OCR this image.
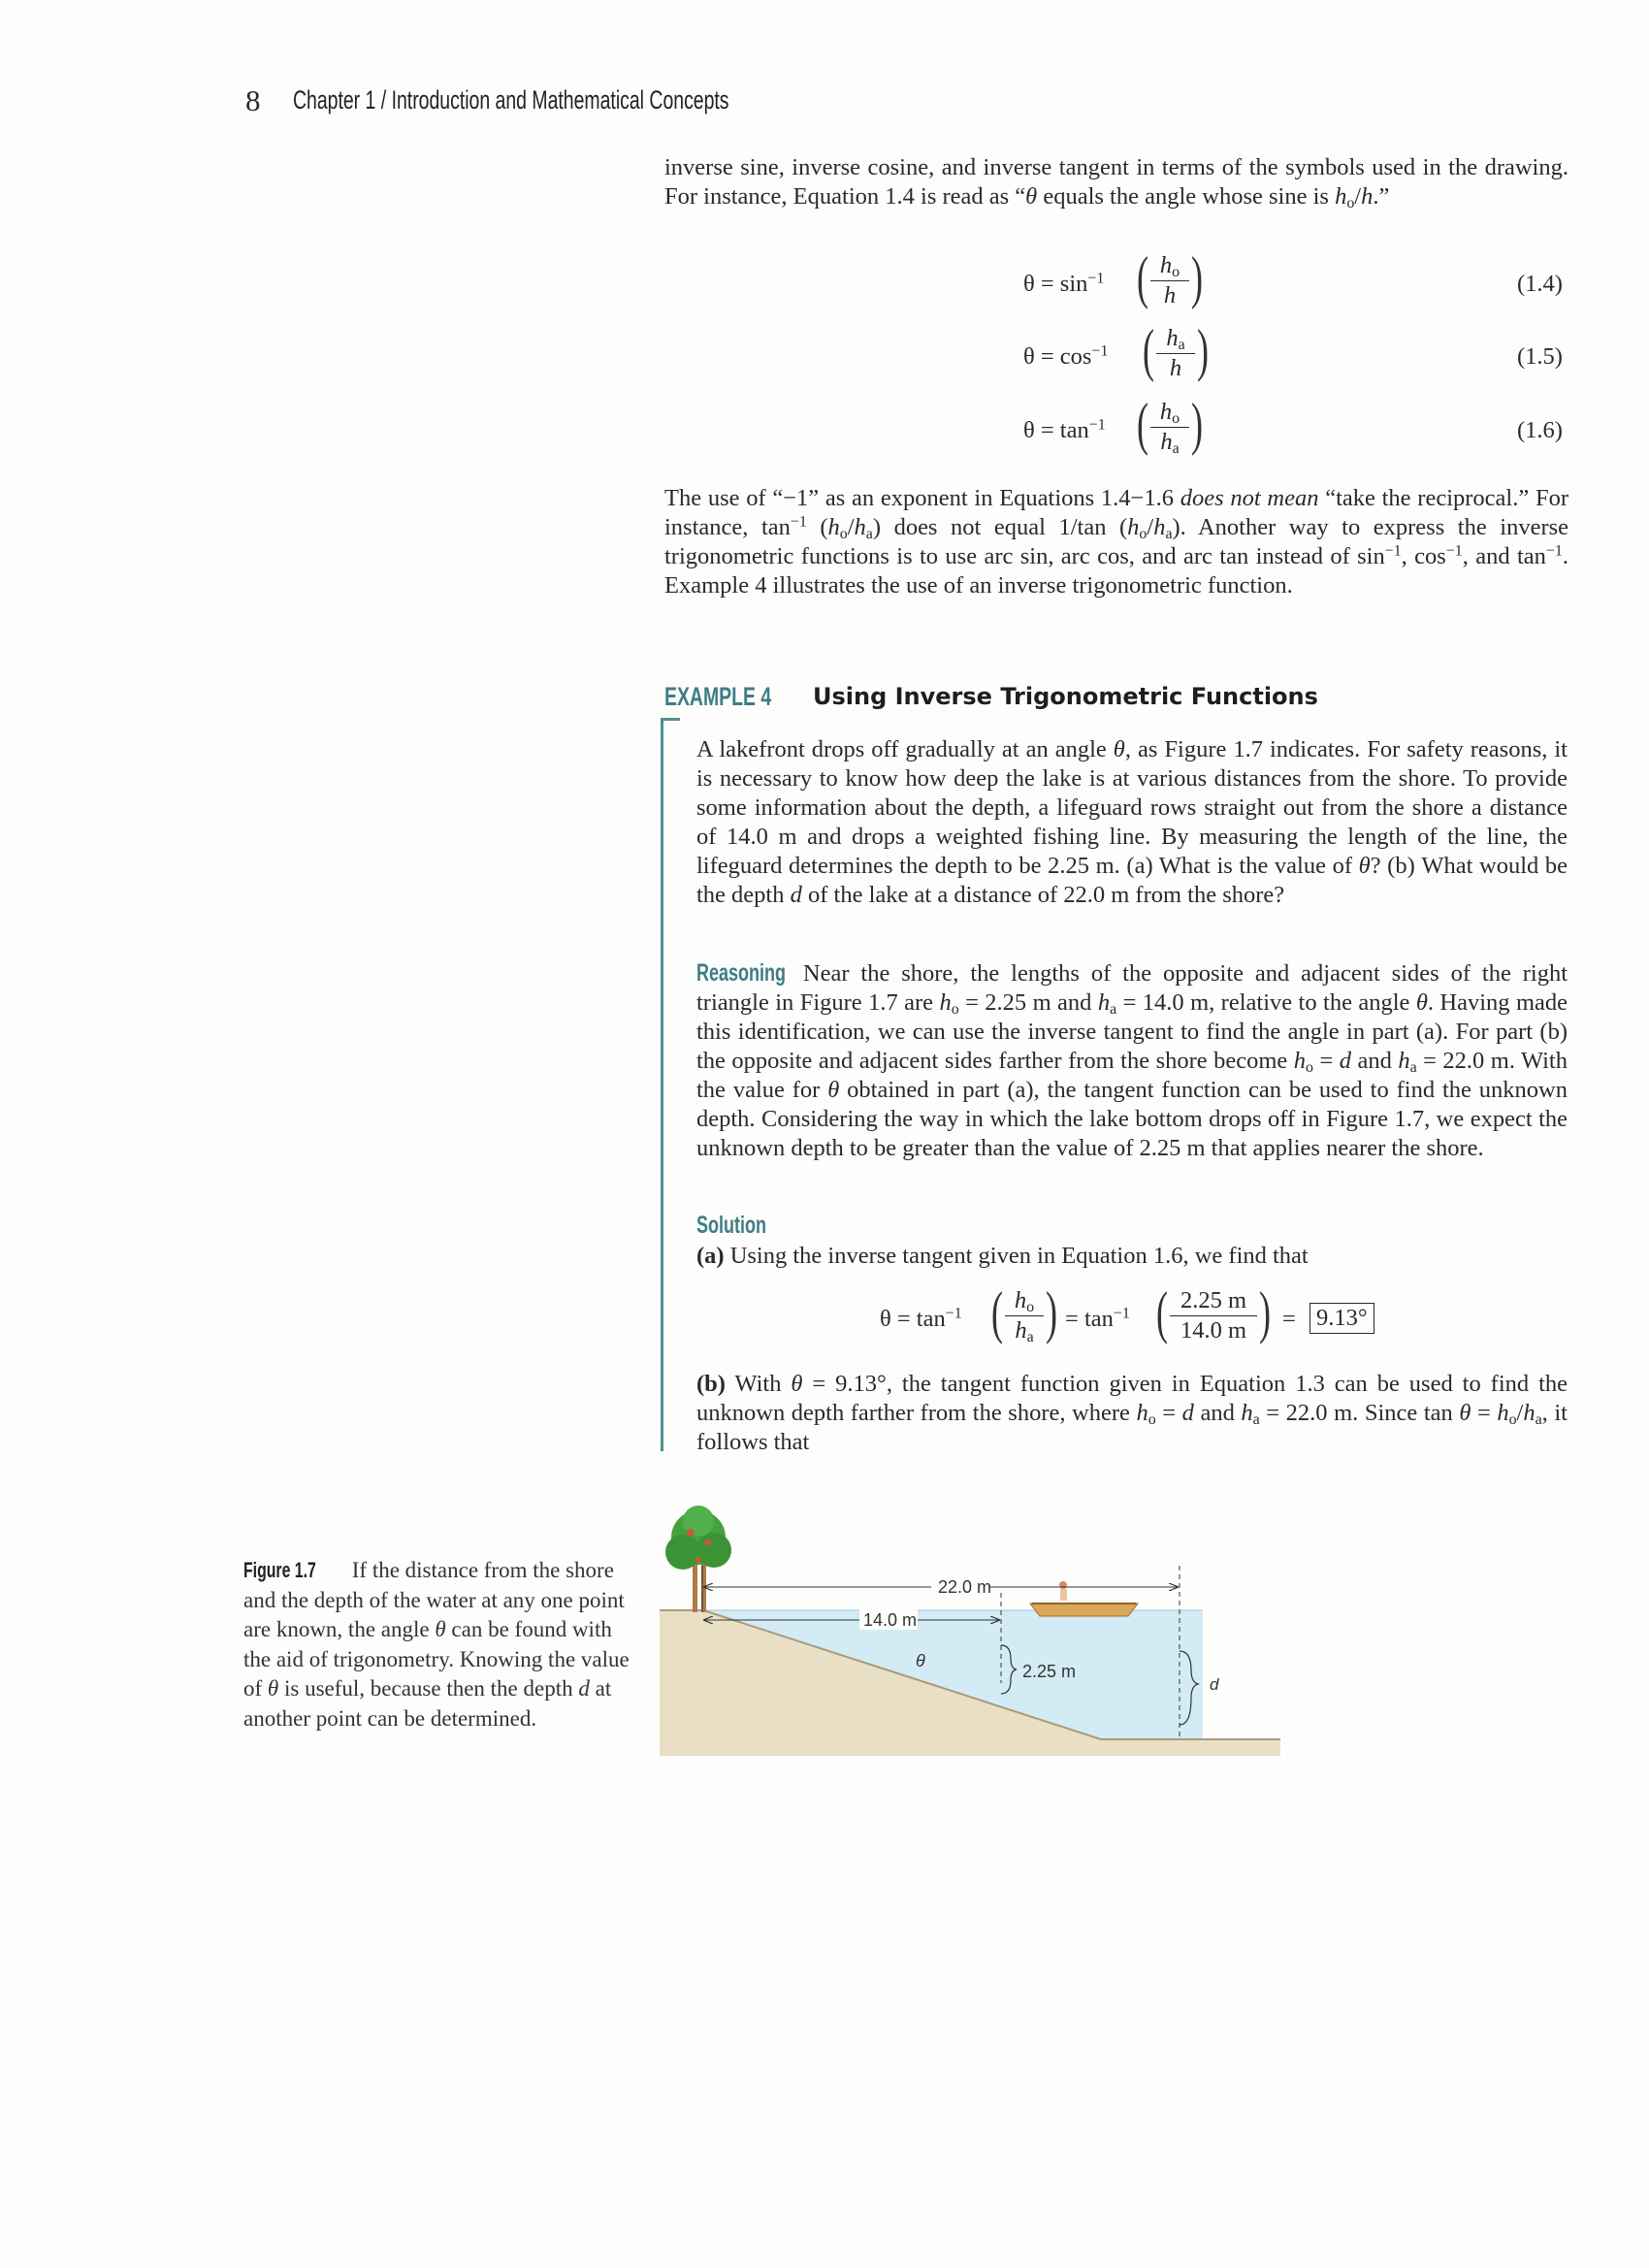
8 Chapter 1 / Introduction and Mathematical Concepts

inverse sine, inverse cosine, and inverse tangent in terms of the symbols used in the drawing. For instance, Equation 1.4 is read as “θ equals the angle whose sine is $h_o/h$.”

$\theta = \sin^{-1}$ ( $\frac{h_o}{h}$ )	(1.4)
$\theta = \cos^{-1}$ ( $\frac{h_a}{h}$ )	(1.5)
$\theta = \tan^{-1}$ ( $\frac{h_o}{h_a}$ )	(1.6)

The use of “−1” as an exponent in Equations 1.4−1.6 does not mean “take the reciprocal.” For instance, $\tan^{-1} (h_o/h_a)$ does not equal 1/tan $(h_o/h_a)$. Another way to express the inverse trigonometric functions is to use arc sin, arc cos, and arc tan instead of $\sin^{-1}$, $\cos^{-1}$, and $\tan^{-1}$. Example 4 illustrates the use of an inverse trigonometric function.

EXAMPLE 4 Using Inverse Trigonometric Functions

A lakefront drops off gradually at an angle θ, as Figure 1.7 indicates. For safety reasons, it is necessary to know how deep the lake is at various distances from the shore. To provide some information about the depth, a lifeguard rows straight out from the shore a distance of 14.0 m and drops a weighted fishing line. By measuring the length of the line, the lifeguard determines the depth to be 2.25 m. (a) What is the value of θ? (b) What would be the depth d of the lake at a distance of 22.0 m from the shore?

Reasoning Near the shore, the lengths of the opposite and adjacent sides of the right triangle in Figure 1.7 are $h_o = 2.25$ m and $h_a = 14.0$ m, relative to the angle θ. Having made this identification, we can use the inverse tangent to find the angle in part (a). For part (b) the opposite and adjacent sides farther from the shore become $h_o = d$ and $h_a = 22.0$ m. With the value for θ obtained in part (a), the tangent function can be used to find the unknown depth. Considering the way in which the lake bottom drops off in Figure 1.7, we expect the unknown depth to be greater than the value of 2.25 m that applies nearer the shore.

Solution

(a) Using the inverse tangent given in Equation 1.6, we find that

$\theta = \tan^{-1}$ ( $\frac{h_o}{h_a}$ ) = $\tan^{-1}$ ( $\frac{2.25 m}{14.0 m}$ ) = 9.13°

(b) With θ = 9.13°, the tangent function given in Equation 1.3 can be used to find the unknown depth farther from the shore, where $h_o = d$ and $h_a = 22.0$ m. Since $\tan \theta = h_o/h_a$, it follows that

Figure 1.7 If the distance from the shore and the depth of the water at any one point are known, the angle θ can be found with the aid of trigonometry. Knowing the value of θ is useful, because then the depth d at another point can be determined.
22.0 m
14.0 m
θ
2.25 m
d
